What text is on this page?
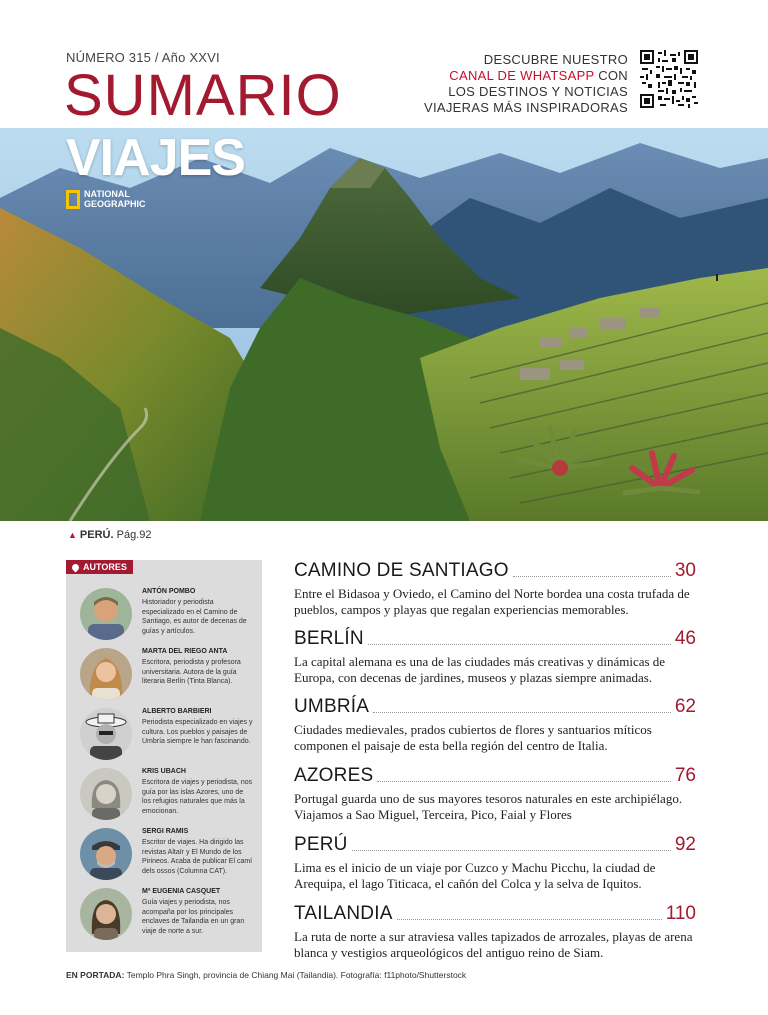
NÚMERO 315 / Año XXVI
SUMARIO
DESCUBRE NUESTRO
CANAL DE WHATSAPP CON
LOS DESTINOS Y NOTICIAS
VIAJERAS MÁS INSPIRADORAS
VIAJES
NATIONAL
GEOGRAPHIC
▲ PERÚ. Pág.92
AUTORES
ANTÓN POMBO
Historiador y periodista especializado en el Camino de Santiago, es autor de decenas de guías y artículos.
MARTA DEL RIEGO ANTA
Escritora, periodista y profesora universitaria. Autora de la guía literaria Berlín (Tinta Blanca).
ALBERTO BARBIERI
Periodista especializado en viajes y cultura. Los pueblos y paisajes de Umbría siempre le han fascinando.
KRIS UBACH
Escritora de viajes y periodista, nos guía por las islas Azores, uno de los refugios naturales que más la emocionan.
SERGI RAMIS
Escritor de viajes. Ha dirigido las revistas Altaïr y El Mundo de los Pirineos. Acaba de publicar El camí dels ossos (Columna CAT).
Mª EUGENIA CASQUET
Guía viajes y periodista, nos acompaña por los principales enclaves de Tailandia en un gran viaje de norte a sur.
CAMINO DE SANTIAGO	30
Entre el Bidasoa y Oviedo, el Camino del Norte bordea una costa trufada de pueblos, campos y playas que regalan experiencias memorables.
BERLÍN	46
La capital alemana es una de las ciudades más creativas y dinámicas de Europa, con decenas de jardines, museos y plazas siempre animadas.
UMBRÍA	62
Ciudades medievales, prados cubiertos de flores y santuarios míticos componen el paisaje de esta bella región del centro de Italia.
AZORES	76
Portugal guarda uno de sus mayores tesoros naturales en este archipiélago. Viajamos a Sao Miguel, Terceira, Pico, Faial y Flores
PERÚ	92
Lima es el inicio de un viaje por Cuzco y Machu Picchu, la ciudad de Arequipa, el lago Titicaca, el cañón del Colca y la selva de Iquitos.
TAILANDIA	110
La ruta de norte a sur atraviesa valles tapizados de arrozales, playas de arena blanca y vestigios arqueológicos del antiguo reino de Siam.
EN PORTADA: Templo Phra Singh, provincia de Chiang Mai (Tailandia). Fotografía: f11photo/Shutterstock
